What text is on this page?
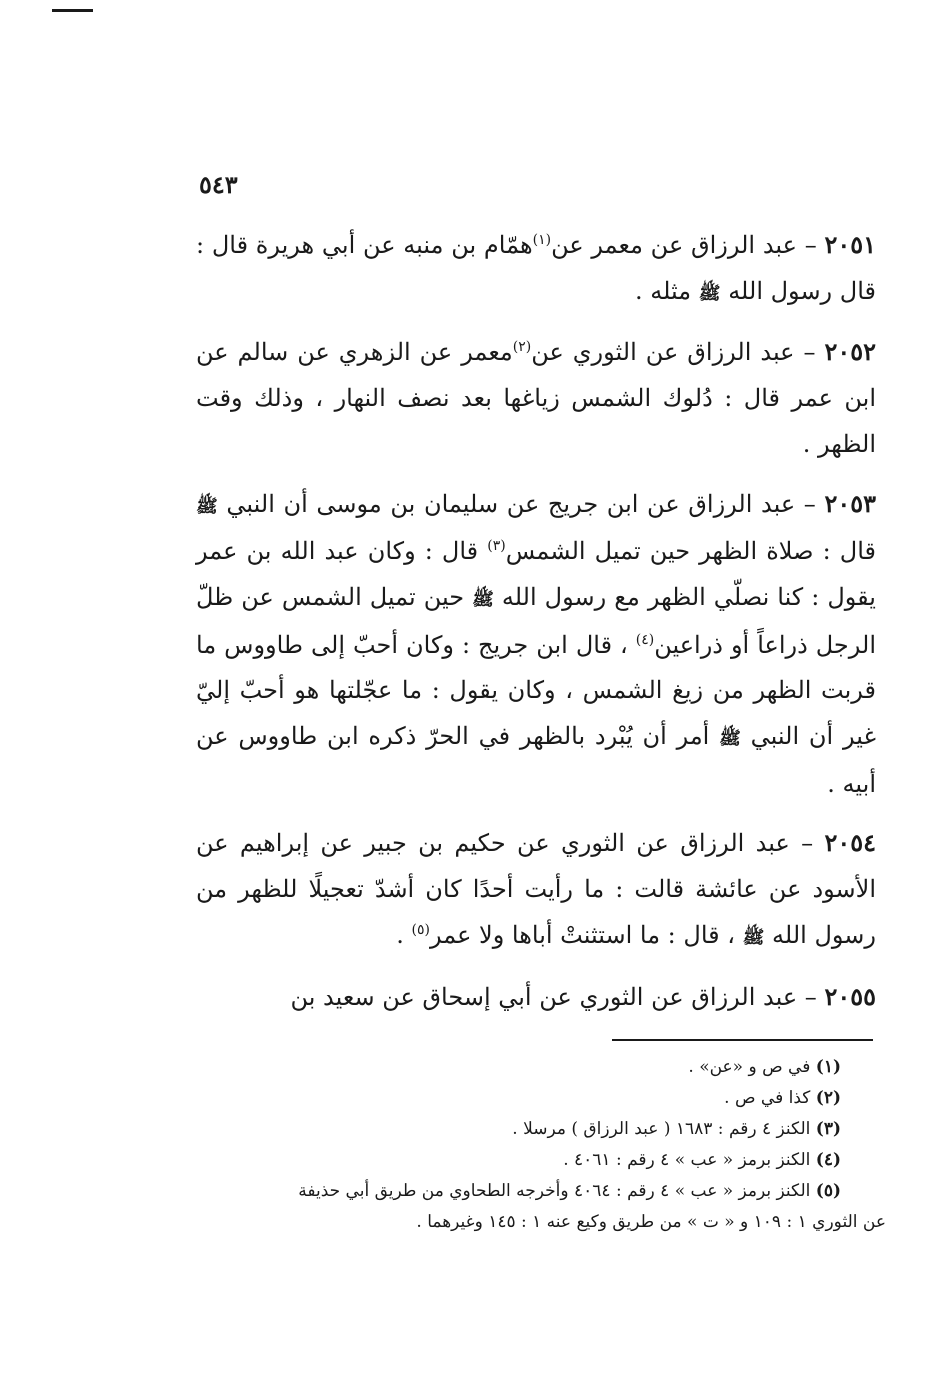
٥٤٣

٢٠٥١ – عبد الرزاق عن معمر عن$^{(١)}$همّام بن منبه عن أبي هريرة قال : قال رسول الله ﷺ مثله .

٢٠٥٢ – عبد الرزاق عن الثوري عن$^{(٢)}$معمر عن الزهري عن سالم عن ابن عمر قال : دُلوك الشمس زياغها بعد نصف النهار ، وذلك وقت الظهر .

٢٠٥٣ – عبد الرزاق عن ابن جريج عن سليمان بن موسى أن النبي ﷺ قال : صلاة الظهر حين تميل الشمس$^{(٣)}$ قال : وكان عبد الله بن عمر يقول : كنا نصلّي الظهر مع رسول الله ﷺ حين تميل الشمس عن ظلّ الرجل ذراعاً أو ذراعين$^{(٤)}$ ، قال ابن جريج : وكان أحبّ إلى طاووس ما قربت الظهر من زيغ الشمس ، وكان يقول : ما عجّلتها هو أحبّ إليّ غير أن النبي ﷺ أمر أن يُبْرد بالظهر في الحرّ ذكره ابن طاووس عن أبيه .

٢٠٥٤ – عبد الرزاق عن الثوري عن حكيم بن جبير عن إبراهيم عن الأسود عن عائشة قالت : ما رأيت أحدًا كان أشدّ تعجيلًا للظهر من رسول الله ﷺ ، قال : ما استثنتْ أباها ولا عمر$^{(٥)}$ .

٢٠٥٥ – عبد الرزاق عن الثوري عن أبي إسحاق عن سعيد بن

(١) في ص و «عن» .
(٢) كذا في ص .
(٣) الكنز ٤ رقم : ١٦٨٣ ( عبد الرزاق ) مرسلا .
(٤) الكنز برمز « عب » ٤ رقم : ٤٠٦١ .
(٥) الكنز برمز « عب » ٤ رقم : ٤٠٦٤ وأخرجه الطحاوي من طريق أبي حذيفة
عن الثوري ١ : ١٠٩ و « ت » من طريق وكيع عنه ١ : ١٤٥ وغيرهما .
